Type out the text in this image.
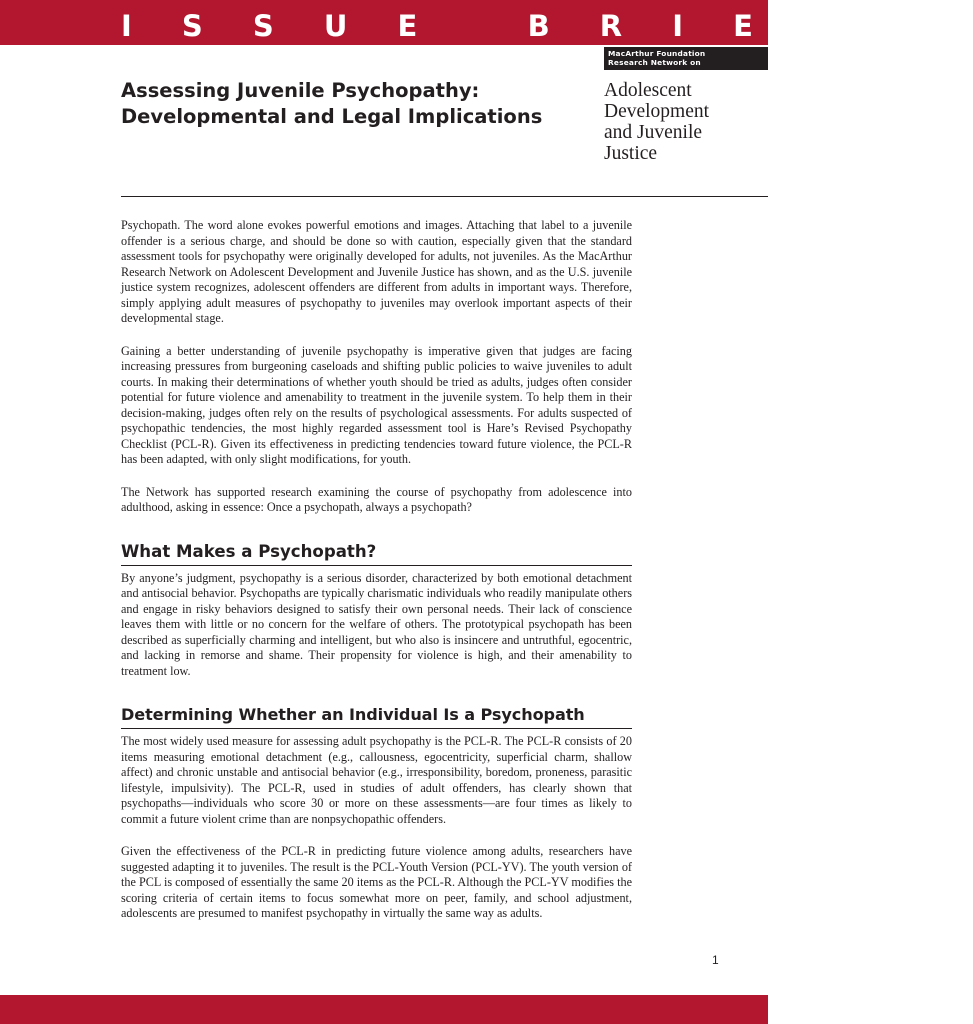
I S S U E   B R I E F   4
Assessing Juvenile Psychopathy:
Developmental and Legal Implications
MacArthur Foundation
Research Network on
Adolescent
Development
and Juvenile
Justice

Psychopath. The word alone evokes powerful emotions and images. Attaching that label to a juvenile offender is a serious charge, and should be done so with caution, especially given that the standard assessment tools for psychopathy were originally developed for adults, not juveniles. As the MacArthur Research Network on Adolescent Development and Juvenile Justice has shown, and as the U.S. juvenile justice system recognizes, adolescent offenders are different from adults in important ways. Therefore, simply applying adult measures of psychopathy to juveniles may overlook important aspects of their developmental stage.

Gaining a better understanding of juvenile psychopathy is imperative given that judges are facing increasing pressures from burgeoning caseloads and shifting public policies to waive juveniles to adult courts. In making their determinations of whether youth should be tried as adults, judges often consider potential for future violence and amenability to treatment in the juvenile system. To help them in their decision-making, judges often rely on the results of psychological assessments. For adults suspected of psychopathic tendencies, the most highly regarded assessment tool is Hare’s Revised Psychopathy Checklist (PCL-R). Given its effectiveness in predicting tendencies toward future violence, the PCL-R has been adapted, with only slight modifications, for youth.

The Network has supported research examining the course of psychopathy from adolescence into adulthood, asking in essence: Once a psychopath, always a psychopath?

What Makes a Psychopath?

By anyone’s judgment, psychopathy is a serious disorder, characterized by both emotional detachment and antisocial behavior. Psychopaths are typically charismatic individuals who readily manipulate others and engage in risky behaviors designed to satisfy their own personal needs. Their lack of conscience leaves them with little or no concern for the welfare of others. The prototypical psychopath has been described as superficially charming and intelligent, but who also is insincere and untruthful, egocentric, and lacking in remorse and shame. Their propensity for violence is high, and their amenability to treatment low.

Determining Whether an Individual Is a Psychopath

The most widely used measure for assessing adult psychopathy is the PCL-R. The PCL-R consists of 20 items measuring emotional detachment (e.g., callousness, egocentricity, superficial charm, shallow affect) and chronic unstable and antisocial behavior (e.g., irresponsibility, boredom, proneness, parasitic lifestyle, impulsivity). The PCL-R, used in studies of adult offenders, has clearly shown that psychopaths—individuals who score 30 or more on these assessments—are four times as likely to commit a future violent crime than are nonpsychopathic offenders.

Given the effectiveness of the PCL-R in predicting future violence among adults, researchers have suggested adapting it to juveniles. The result is the PCL-Youth Version (PCL-YV). The youth version of the PCL is composed of essentially the same 20 items as the PCL-R. Although the PCL-YV modifies the scoring criteria of certain items to focus somewhat more on peer, family, and school adjustment, adolescents are presumed to manifest psychopathy in virtually the same way as adults.

1
